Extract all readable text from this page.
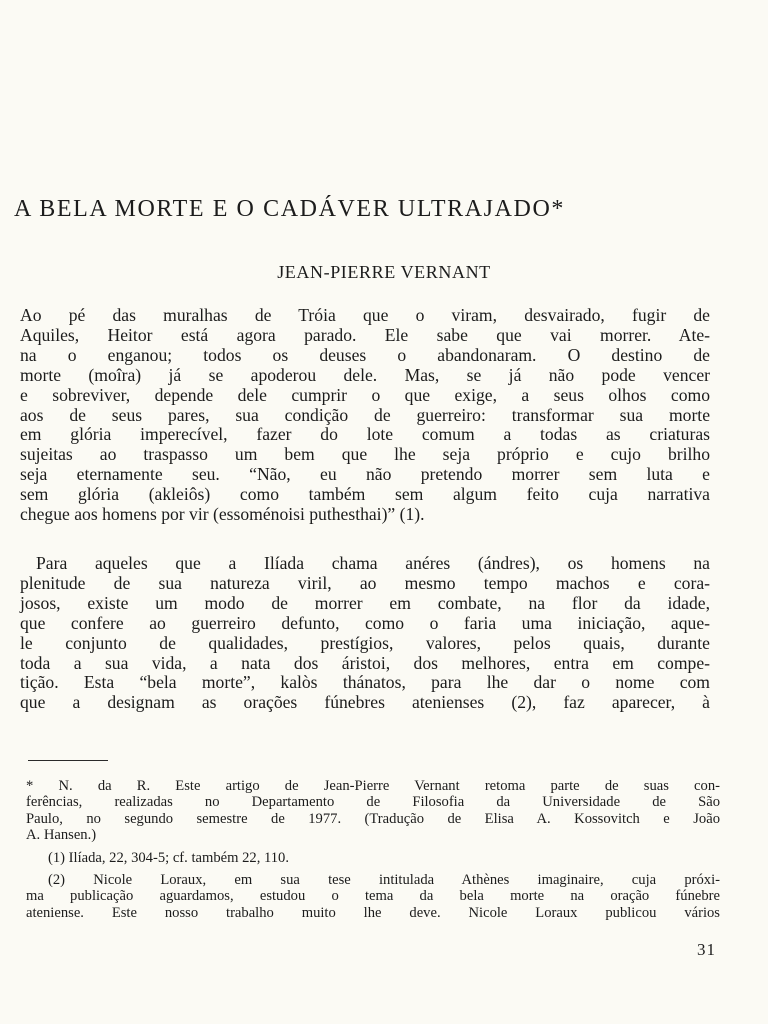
A BELA MORTE E O CADÁVER ULTRAJADO*
JEAN-PIERRE VERNANT
Ao pé das muralhas de Tróia que o viram, desvairado, fugir de
Aquiles, Heitor está agora parado. Ele sabe que vai morrer. Ate-
na o enganou; todos os deuses o abandonaram. O destino de
morte (moîra) já se apoderou dele. Mas, se já não pode vencer
e sobreviver, depende dele cumprir o que exige, a seus olhos como
aos de seus pares, sua condição de guerreiro: transformar sua morte
em glória imperecível, fazer do lote comum a todas as criaturas
sujeitas ao traspasso um bem que lhe seja próprio e cujo brilho
seja eternamente seu. “Não, eu não pretendo morrer sem luta e
sem glória (akleiôs) como também sem algum feito cuja narrativa
chegue aos homens por vir (essoménoisi puthesthai)” (1).
Para aqueles que a Ilíada chama anéres (ándres), os homens na
plenitude de sua natureza viril, ao mesmo tempo machos e cora-
josos, existe um modo de morrer em combate, na flor da idade,
que confere ao guerreiro defunto, como o faria uma iniciação, aque-
le conjunto de qualidades, prestígios, valores, pelos quais, durante
toda a sua vida, a nata dos áristoi, dos melhores, entra em compe-
tição. Esta “bela morte”, kalòs thánatos, para lhe dar o nome com
que a designam as orações fúnebres atenienses (2), faz aparecer, à
* N. da R. Este artigo de Jean-Pierre Vernant retoma parte de suas con-
ferências, realizadas no Departamento de Filosofia da Universidade de São
Paulo, no segundo semestre de 1977. (Tradução de Elisa A. Kossovitch e João
A. Hansen.)
(1) Ilíada, 22, 304-5; cf. também 22, 110.
(2) Nicole Loraux, em sua tese intitulada Athènes imaginaire, cuja próxi-
ma publicação aguardamos, estudou o tema da bela morte na oração fúnebre
ateniense. Este nosso trabalho muito lhe deve. Nicole Loraux publicou vários
31
